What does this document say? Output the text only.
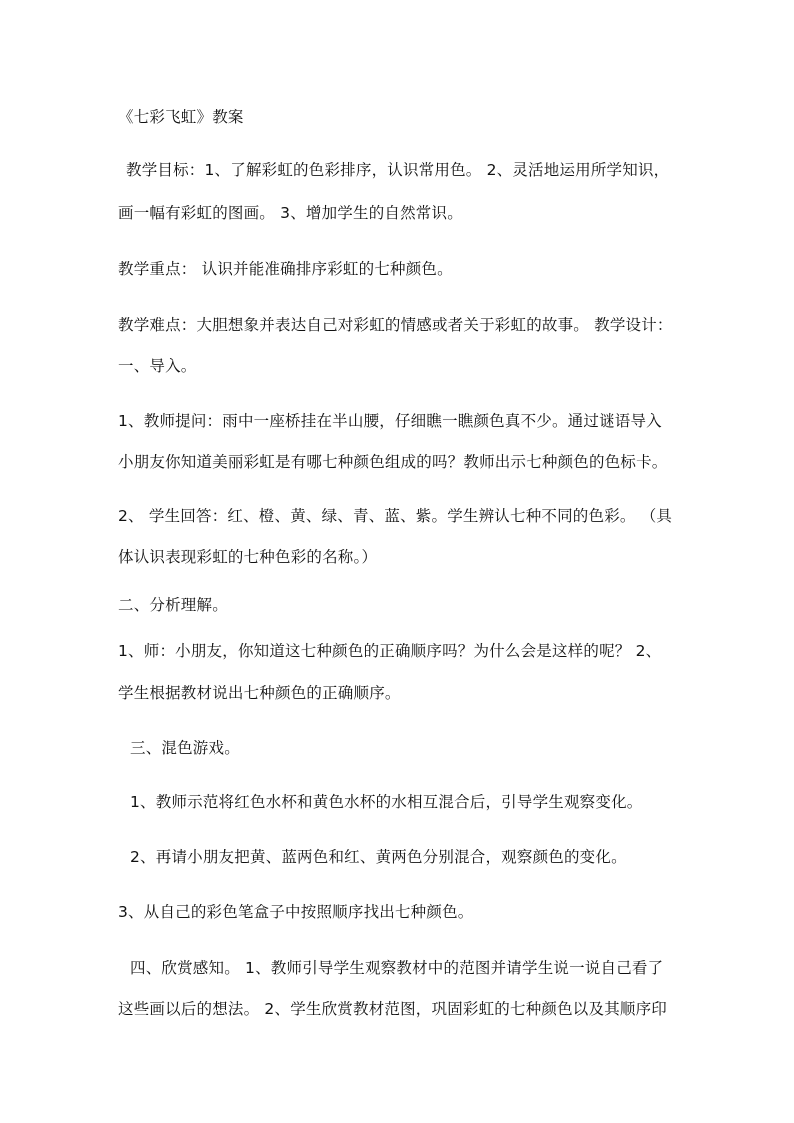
《七彩飞虹》教案
教学目标：1、了解彩虹的色彩排序，认识常用色。 2、灵活地运用所学知识，
画一幅有彩虹的图画。 3、增加学生的自然常识。
教学重点： 认识并能准确排序彩虹的七种颜色。
教学难点：大胆想象并表达自己对彩虹的情感或者关于彩虹的故事。 教学设计：
一、导入。
1、教师提问：雨中一座桥挂在半山腰，仔细瞧一瞧颜色真不少。通过谜语导入
小朋友你知道美丽彩虹是有哪七种颜色组成的吗？教师出示七种颜色的色标卡。
2、 学生回答：红、橙、黄、绿、青、蓝、紫。学生辨认七种不同的色彩。 （具
体认识表现彩虹的七种色彩的名称。）
二、分析理解。
1、师：小朋友，你知道这七种颜色的正确顺序吗？为什么会是这样的呢？ 2、
学生根据教材说出七种颜色的正确顺序。
三、混色游戏。
1、教师示范将红色水杯和黄色水杯的水相互混合后，引导学生观察变化。
2、再请小朋友把黄、蓝两色和红、黄两色分别混合，观察颜色的变化。
3、从自己的彩色笔盒子中按照顺序找出七种颜色。
四、欣赏感知。 1、教师引导学生观察教材中的范图并请学生说一说自己看了
这些画以后的想法。 2、学生欣赏教材范图，巩固彩虹的七种颜色以及其顺序印
